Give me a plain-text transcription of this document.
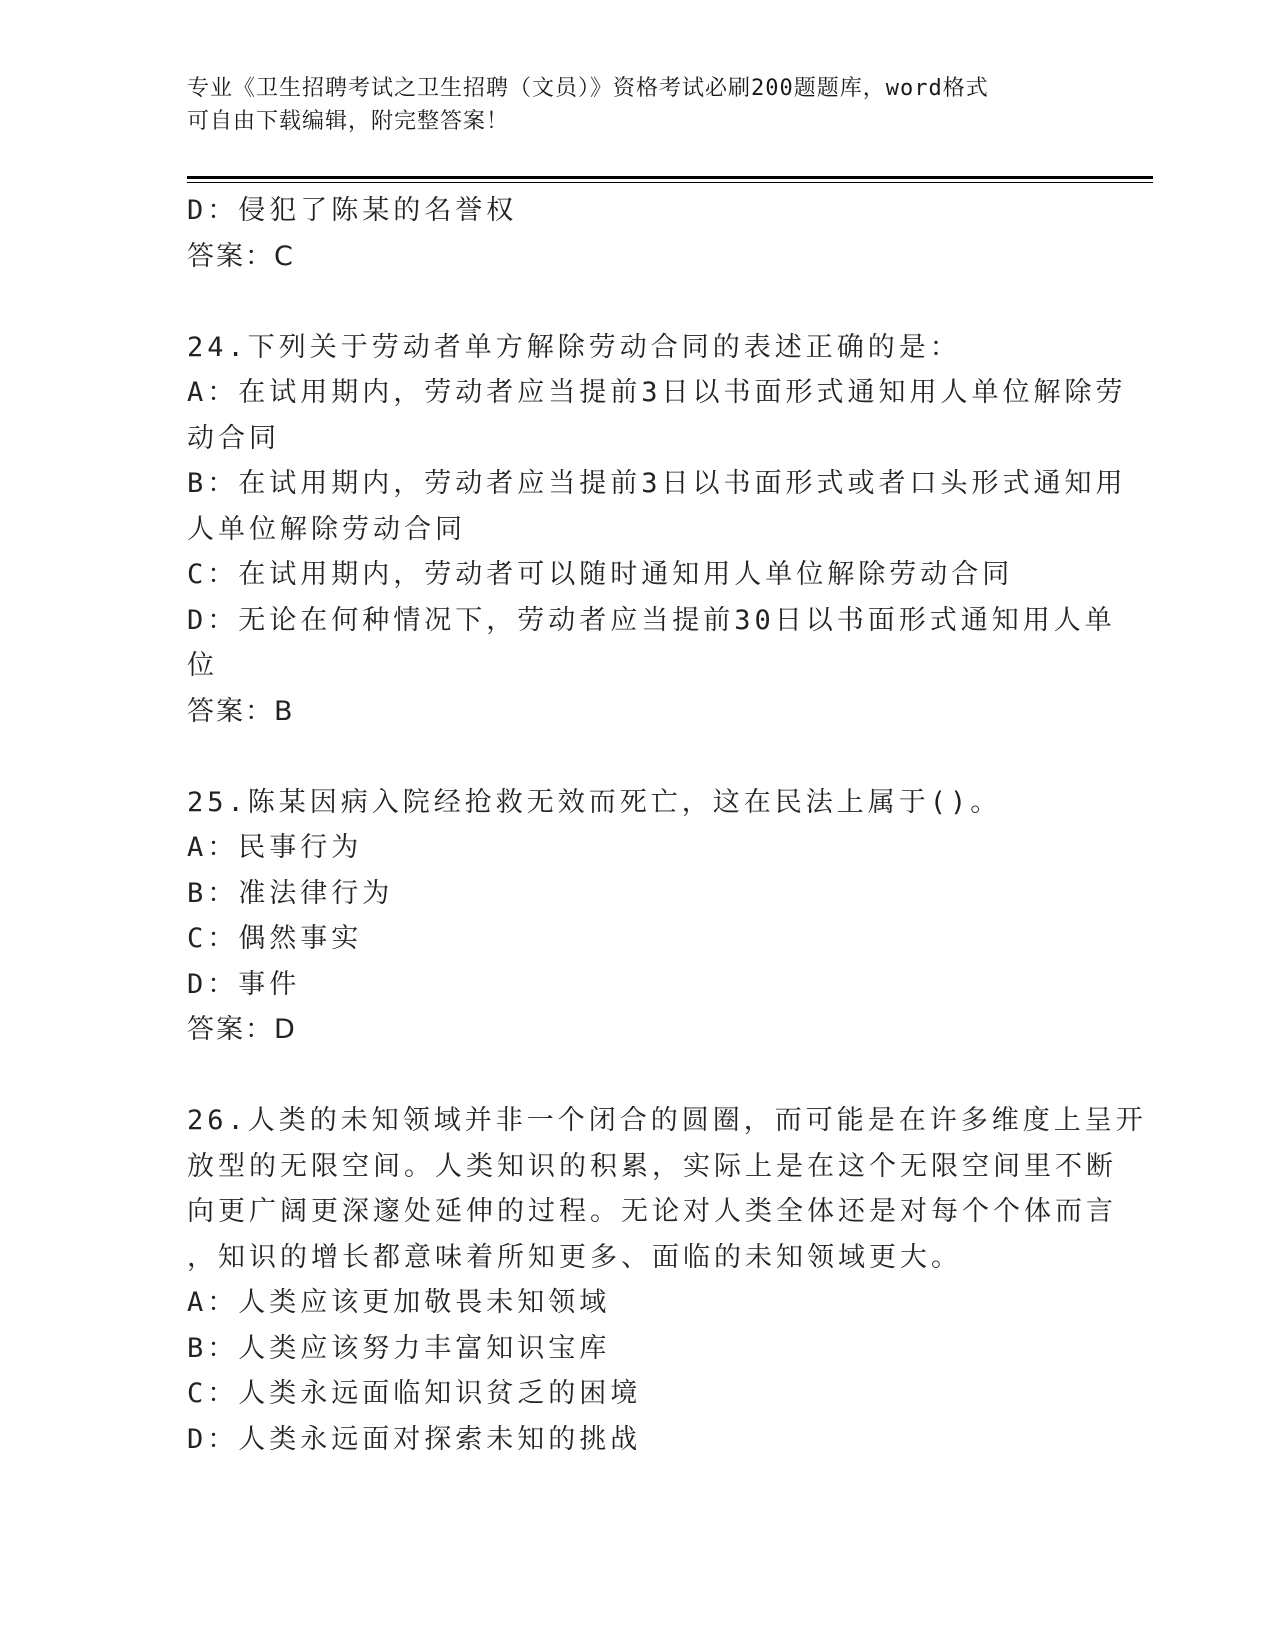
专业《卫生招聘考试之卫生招聘（文员）》资格考试必刷200题题库，word格式
可自由下载编辑，附完整答案！
D：侵犯了陈某的名誉权
答案：C
24.下列关于劳动者单方解除劳动合同的表述正确的是：
A：在试用期内，劳动者应当提前3日以书面形式通知用人单位解除劳
动合同
B：在试用期内，劳动者应当提前3日以书面形式或者口头形式通知用
人单位解除劳动合同
C：在试用期内，劳动者可以随时通知用人单位解除劳动合同
D：无论在何种情况下，劳动者应当提前30日以书面形式通知用人单
位
答案：B
25.陈某因病入院经抢救无效而死亡，这在民法上属于()。
A：民事行为
B：准法律行为
C：偶然事实
D：事件
答案：D
26.人类的未知领域并非一个闭合的圆圈，而可能是在许多维度上呈开
放型的无限空间。人类知识的积累，实际上是在这个无限空间里不断
向更广阔更深邃处延伸的过程。无论对人类全体还是对每个个体而言
，知识的增长都意味着所知更多、面临的未知领域更大。
A：人类应该更加敬畏未知领域
B：人类应该努力丰富知识宝库
C：人类永远面临知识贫乏的困境
D：人类永远面对探索未知的挑战
